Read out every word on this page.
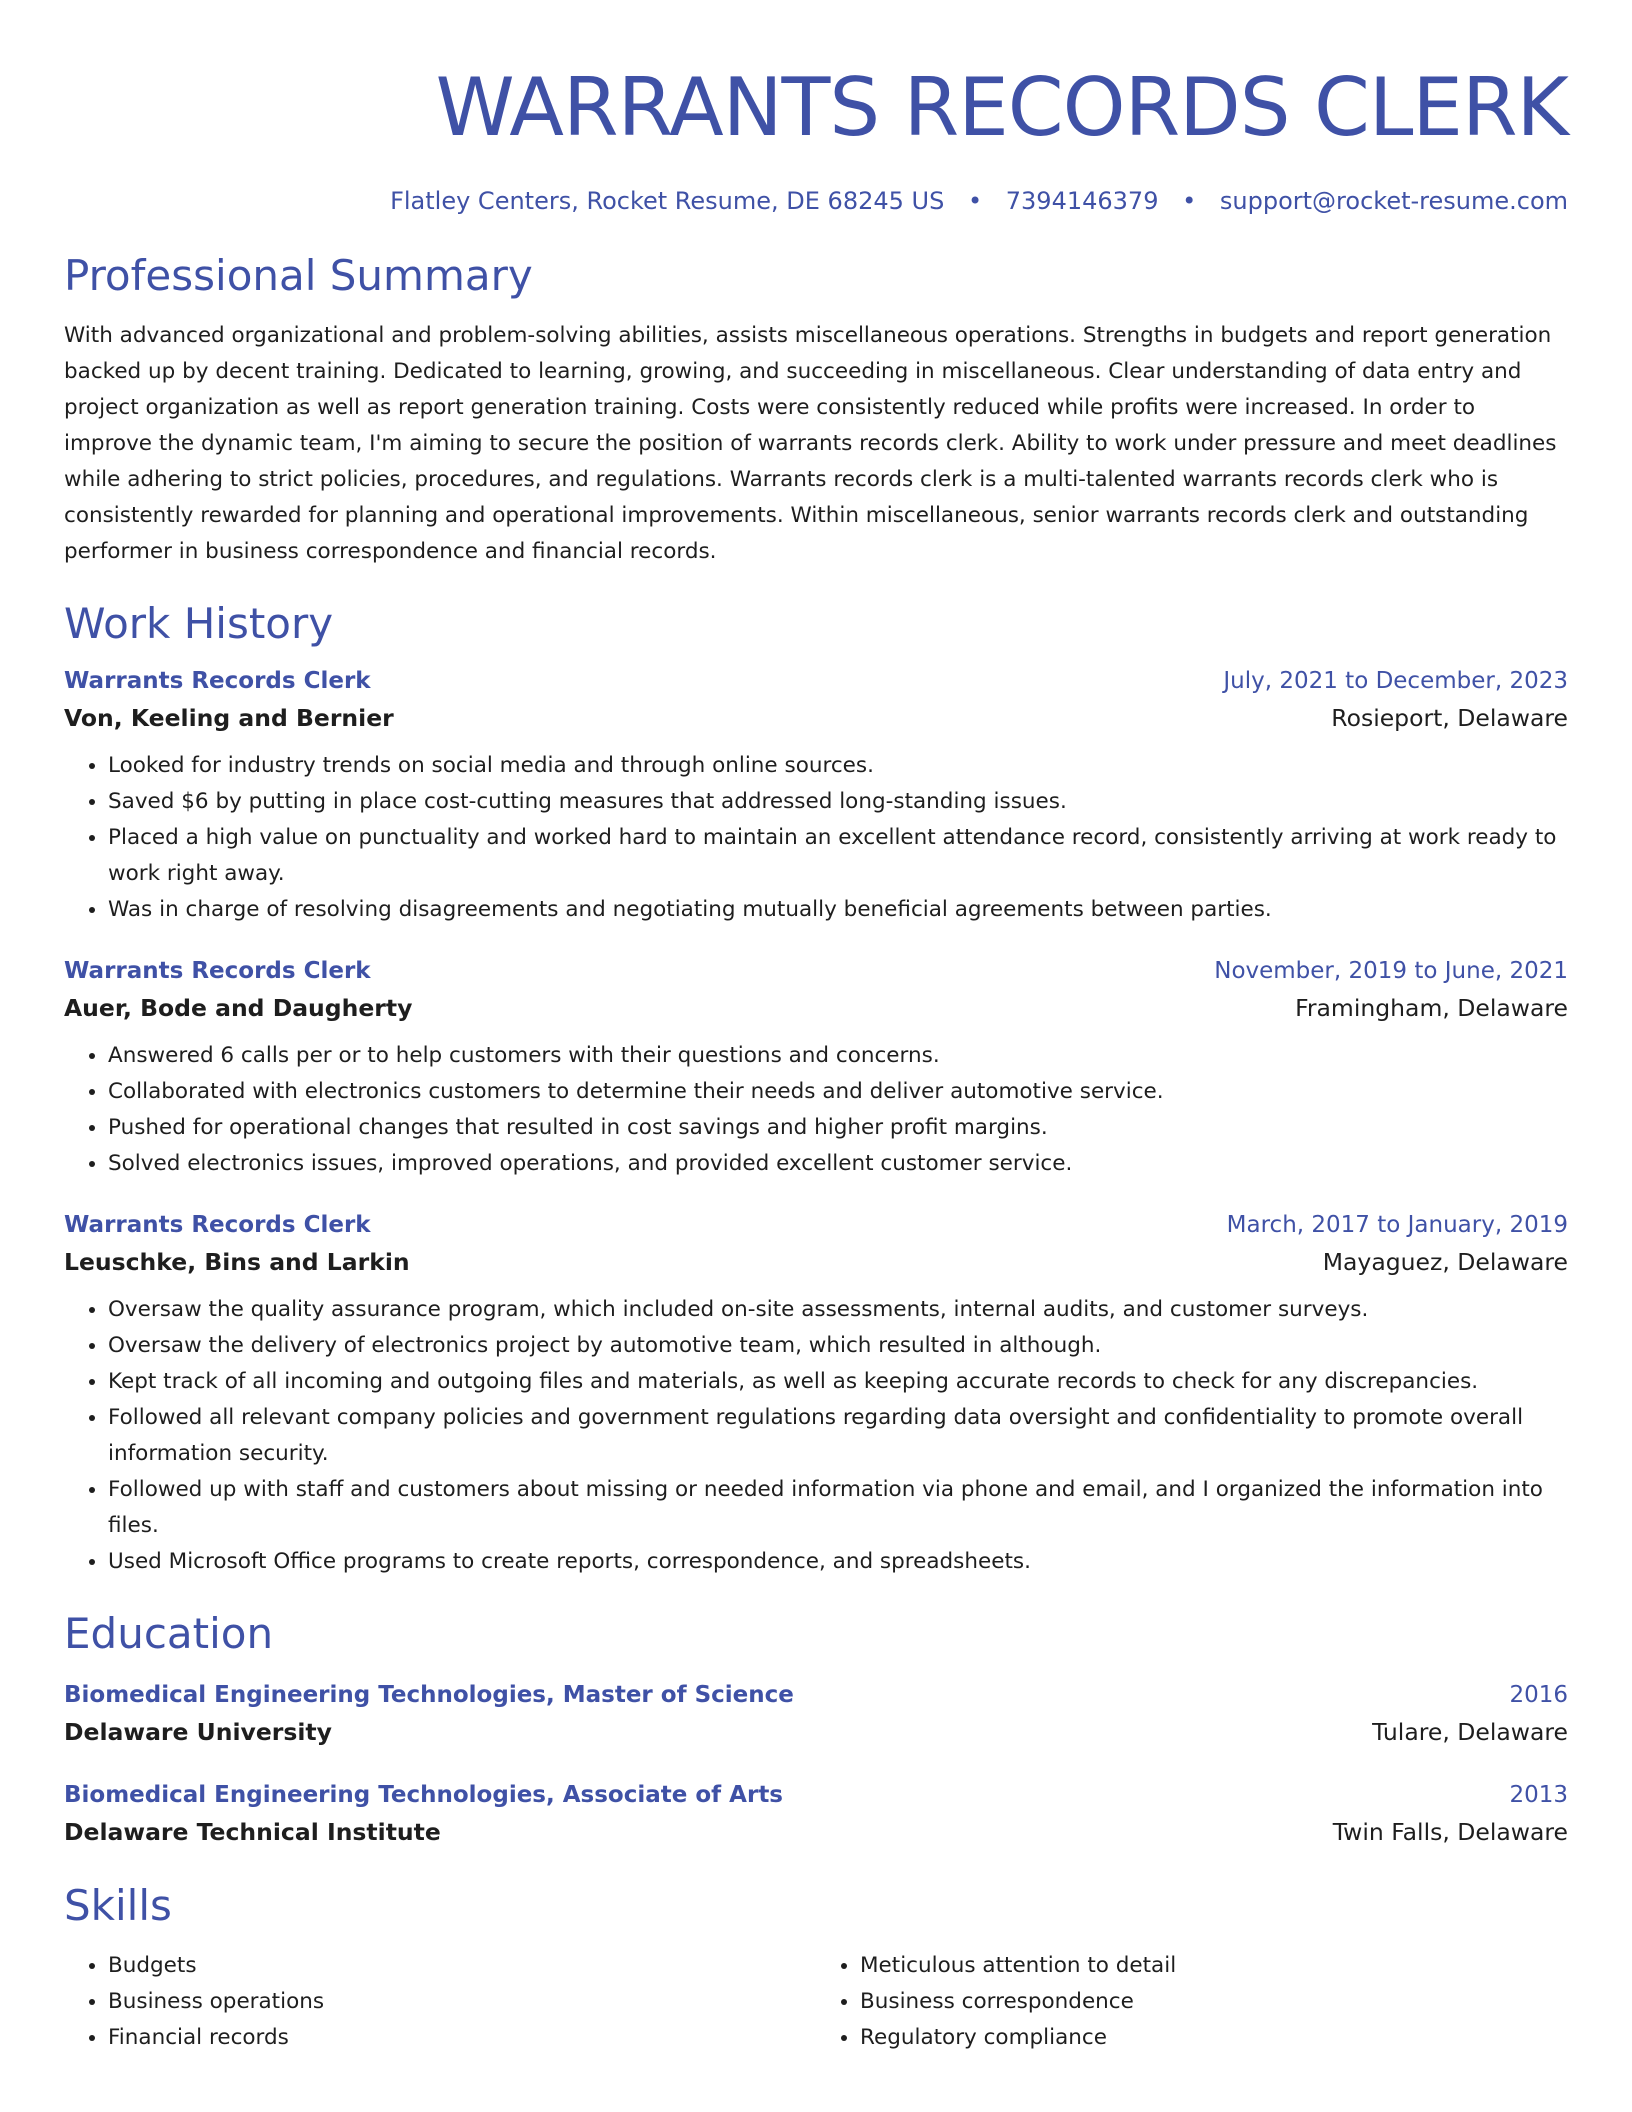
WARRANTS RECORDS CLERK
Flatley Centers, Rocket Resume, DE 68245 US • 7394146379 • support@rocket-resume.com
Professional Summary

With advanced organizational and problem-solving abilities, assists miscellaneous operations. Strengths in budgets and report generation backed up by decent training. Dedicated to learning, growing, and succeeding in miscellaneous. Clear understanding of data entry and project organization as well as report generation training. Costs were consistently reduced while profits were increased. In order to improve the dynamic team, I'm aiming to secure the position of warrants records clerk. Ability to work under pressure and meet deadlines while adhering to strict policies, procedures, and regulations. Warrants records clerk is a multi-talented warrants records clerk who is consistently rewarded for planning and operational improvements. Within miscellaneous, senior warrants records clerk and outstanding performer in business correspondence and financial records.

Work History
Warrants Records Clerk	July, 2021 to December, 2023
Von, Keeling and Bernier	Rosieport, Delaware
• Looked for industry trends on social media and through online sources.
• Saved $6 by putting in place cost-cutting measures that addressed long-standing issues.
• Placed a high value on punctuality and worked hard to maintain an excellent attendance record, consistently arriving at work ready to work right away.
• Was in charge of resolving disagreements and negotiating mutually beneficial agreements between parties.
Warrants Records Clerk	November, 2019 to June, 2021
Auer, Bode and Daugherty	Framingham, Delaware
• Answered 6 calls per or to help customers with their questions and concerns.
• Collaborated with electronics customers to determine their needs and deliver automotive service.
• Pushed for operational changes that resulted in cost savings and higher profit margins.
• Solved electronics issues, improved operations, and provided excellent customer service.
Warrants Records Clerk	March, 2017 to January, 2019
Leuschke, Bins and Larkin	Mayaguez, Delaware
• Oversaw the quality assurance program, which included on-site assessments, internal audits, and customer surveys.
• Oversaw the delivery of electronics project by automotive team, which resulted in although.
• Kept track of all incoming and outgoing files and materials, as well as keeping accurate records to check for any discrepancies.
• Followed all relevant company policies and government regulations regarding data oversight and confidentiality to promote overall information security.
• Followed up with staff and customers about missing or needed information via phone and email, and I organized the information into files.
• Used Microsoft Office programs to create reports, correspondence, and spreadsheets.
Education
Biomedical Engineering Technologies, Master of Science	2016
Delaware University	Tulare, Delaware
Biomedical Engineering Technologies, Associate of Arts	2013
Delaware Technical Institute	Twin Falls, Delaware
Skills
• Budgets
• Business operations
• Financial records
• Meticulous attention to detail
• Business correspondence
• Regulatory compliance
